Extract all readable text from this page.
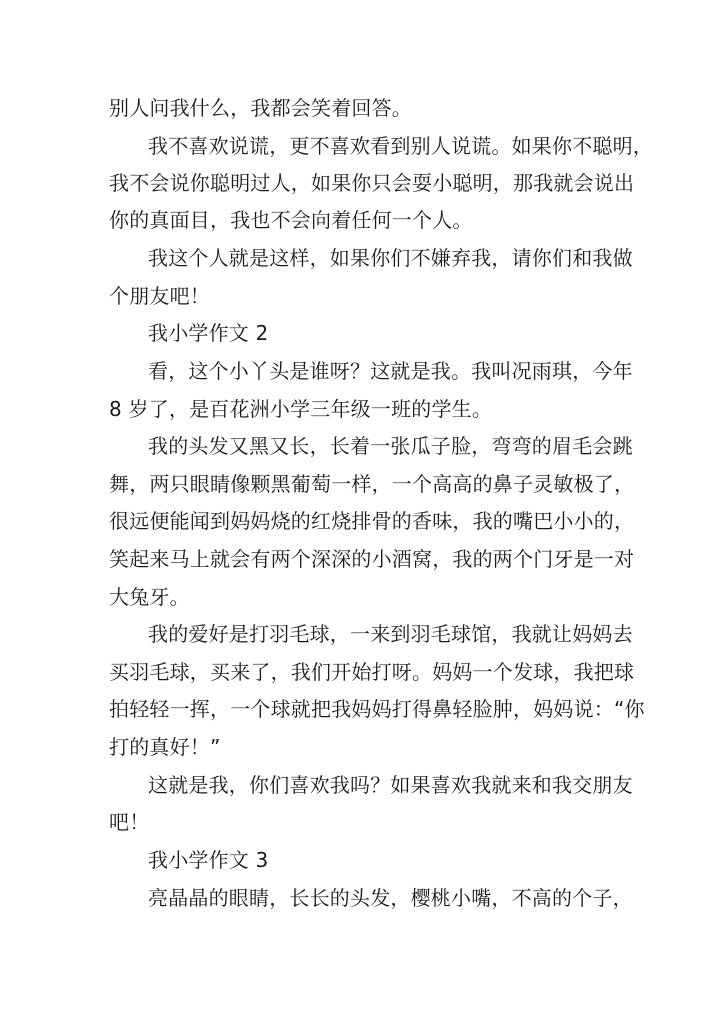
别人问我什么，我都会笑着回答。
我不喜欢说谎，更不喜欢看到别人说谎。如果你不聪明，
我不会说你聪明过人，如果你只会耍小聪明，那我就会说出
你的真面目，我也不会向着任何一个人。
我这个人就是这样，如果你们不嫌弃我，请你们和我做
个朋友吧！
我小学作文 2
看，这个小丫头是谁呀？这就是我。我叫况雨琪，今年
8 岁了，是百花洲小学三年级一班的学生。
我的头发又黑又长，长着一张瓜子脸，弯弯的眉毛会跳
舞，两只眼睛像颗黑葡萄一样，一个高高的鼻子灵敏极了，
很远便能闻到妈妈烧的红烧排骨的香味，我的嘴巴小小的，
笑起来马上就会有两个深深的小酒窝，我的两个门牙是一对
大兔牙。
我的爱好是打羽毛球，一来到羽毛球馆，我就让妈妈去
买羽毛球，买来了，我们开始打呀。妈妈一个发球，我把球
拍轻轻一挥，一个球就把我妈妈打得鼻轻脸肿，妈妈说：“你
打的真好！”
这就是我，你们喜欢我吗？如果喜欢我就来和我交朋友
吧！
我小学作文 3
亮晶晶的眼睛，长长的头发，樱桃小嘴，不高的个子，
